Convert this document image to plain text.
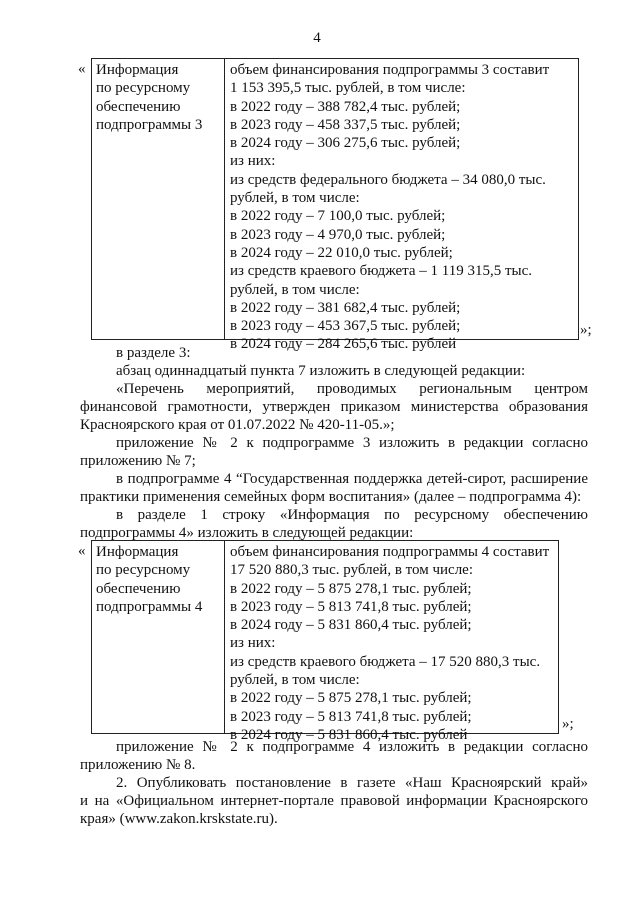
4
« Информация
по ресурсному
обеспечению
подпрограммы 3
объем финансирования подпрограммы 3 составит
1 153 395,5 тыс. рублей, в том числе:
в 2022 году – 388 782,4 тыс. рублей;
в 2023 году – 458 337,5 тыс. рублей;
в 2024 году – 306 275,6 тыс. рублей;
из них:
из средств федерального бюджета – 34 080,0 тыс.
рублей, в том числе:
в 2022 году – 7 100,0 тыс. рублей;
в 2023 году – 4 970,0 тыс. рублей;
в 2024 году – 22 010,0 тыс. рублей;
из средств краевого бюджета – 1 119 315,5 тыс.
рублей, в том числе:
в 2022 году – 381 682,4 тыс. рублей;
в 2023 году – 453 367,5 тыс. рублей;
в 2024 году – 284 265,6 тыс. рублей
»;
в разделе 3:
абзац одиннадцатый пункта 7 изложить в следующей редакции:
«Перечень мероприятий, проводимых региональным центром
финансовой грамотности, утвержден приказом министерства образования
Красноярского края от 01.07.2022 № 420-11-05.»;
приложение № 2 к подпрограмме 3 изложить в редакции согласно
приложению № 7;
в подпрограмме 4 “Государственная поддержка детей-сирот, расширение
практики применения семейных форм воспитания» (далее – подпрограмма 4):
в разделе 1 строку «Информация по ресурсному обеспечению
подпрограммы 4» изложить в следующей редакции:
« Информация
по ресурсному
обеспечению
подпрограммы 4
объем финансирования подпрограммы 4 составит
17 520 880,3 тыс. рублей, в том числе:
в 2022 году – 5 875 278,1 тыс. рублей;
в 2023 году – 5 813 741,8 тыс. рублей;
в 2024 году – 5 831 860,4 тыс. рублей;
из них:
из средств краевого бюджета – 17 520 880,3 тыс.
рублей, в том числе:
в 2022 году – 5 875 278,1 тыс. рублей;
в 2023 году – 5 813 741,8 тыс. рублей;
в 2024 году – 5 831 860,4 тыс. рублей
»;
приложение № 2 к подпрограмме 4 изложить в редакции согласно
приложению № 8.
2. Опубликовать постановление в газете «Наш Красноярский край»
и на «Официальном интернет-портале правовой информации Красноярского
края» (www.zakon.krskstate.ru).
